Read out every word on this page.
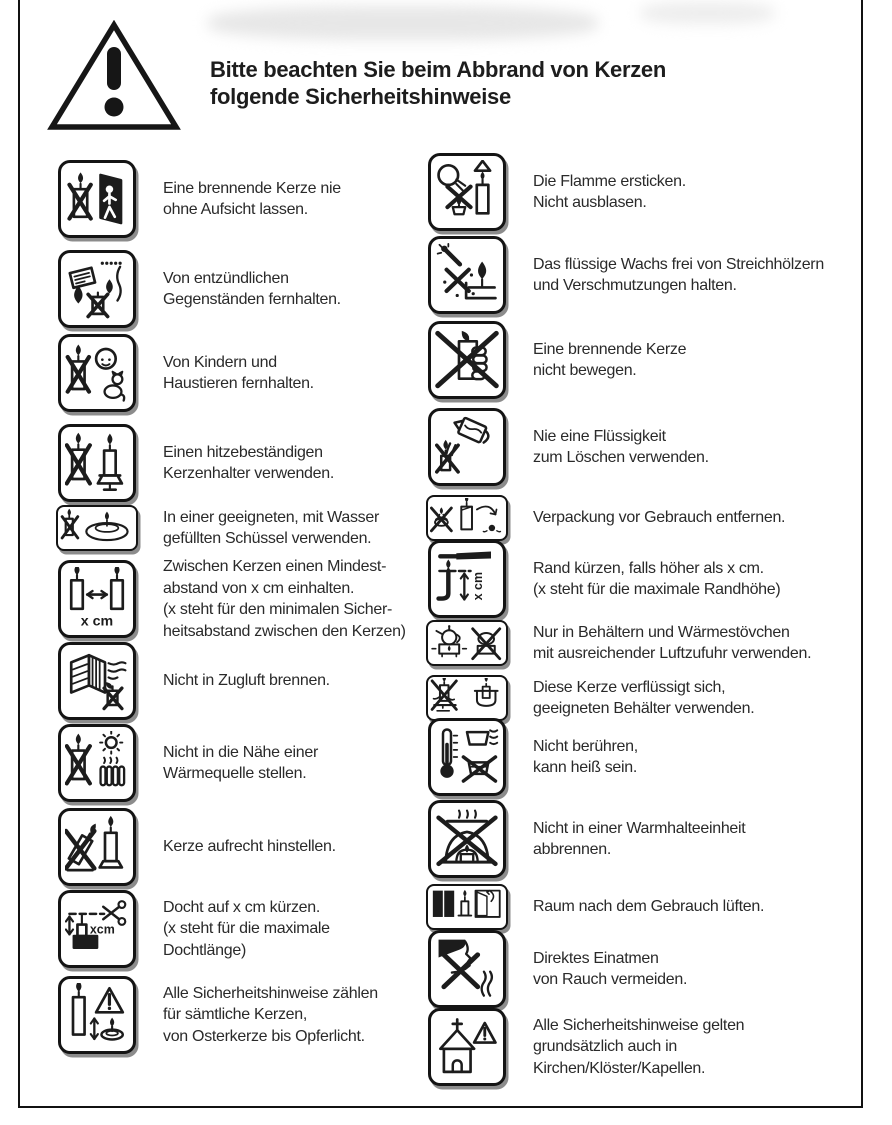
Bitte beachten Sie beim Abbrand von Kerzen
folgende Sicherheitshinweise
Eine brennende Kerze nie
ohne Aufsicht lassen.
Von entzündlichen
Gegenständen fernhalten.
Von Kindern und
Haustieren fernhalten.
Einen hitzebeständigen
Kerzenhalter verwenden.
In einer geeigneten, mit Wasser
gefüllten Schüssel verwenden.
x cm
Zwischen Kerzen einen Mindest-
abstand von x cm einhalten.
(x steht für den minimalen Sicher-
heitsabstand zwischen den Kerzen)
Nicht in Zugluft brennen.
Nicht in die Nähe einer
Wärmequelle stellen.
Kerze aufrecht hinstellen.
xcm
Docht auf x cm kürzen.
(x steht für die maximale
Dochtlänge)
Alle Sicherheitshinweise zählen
für sämtliche Kerzen,
von Osterkerze bis Opferlicht.
Die Flamme ersticken.
Nicht ausblasen.
Das flüssige Wachs frei von Streichhölzern
und Verschmutzungen halten.
Eine brennende Kerze
nicht bewegen.
Nie eine Flüssigkeit
zum Löschen verwenden.
Verpackung vor Gebrauch entfernen.
x cm
Rand kürzen, falls höher als x cm.
(x steht für die maximale Randhöhe)
Nur in Behältern und Wärmestövchen
mit ausreichender Luftzufuhr verwenden.
Diese Kerze verflüssigt sich,
geeigneten Behälter verwenden.
Nicht berühren,
kann heiß sein.
Nicht in einer Warmhalteeinheit
abbrennen.
Raum nach dem Gebrauch lüften.
Direktes Einatmen
von Rauch vermeiden.
Alle Sicherheitshinweise gelten
grundsätzlich auch in
Kirchen/Klöster/Kapellen.
